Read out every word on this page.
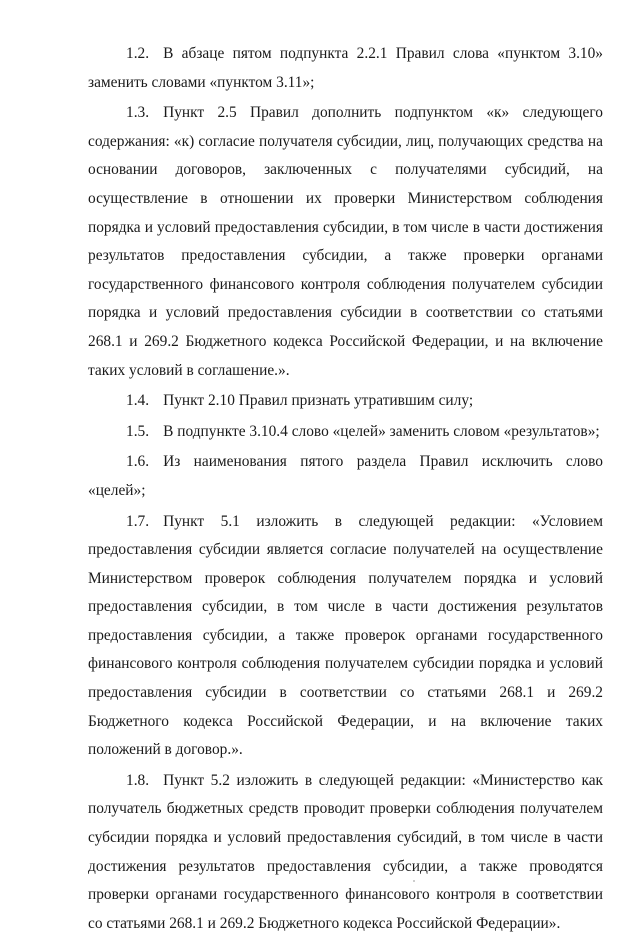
1.2. В абзаце пятом подпункта 2.2.1 Правил слова «пунктом 3.10» заменить словами «пунктом 3.11»;

1.3. Пункт 2.5 Правил дополнить подпунктом «к» следующего содержания: «к) согласие получателя субсидии, лиц, получающих средства на основании договоров, заключенных с получателями субсидий, на осуществление в отношении их проверки Министерством соблюдения порядка и условий предоставления субсидии, в том числе в части достижения результатов предоставления субсидии, а также проверки органами государственного финансового контроля соблюдения получателем субсидии порядка и условий предоставления субсидии в соответствии со статьями 268.1 и 269.2 Бюджетного кодекса Российской Федерации, и на включение таких условий в соглашение.».

1.4. Пункт 2.10 Правил признать утратившим силу;

1.5. В подпункте 3.10.4 слово «целей» заменить словом «результатов»;

1.6. Из наименования пятого раздела Правил исключить слово «целей»;

1.7. Пункт 5.1 изложить в следующей редакции: «Условием предоставления субсидии является согласие получателей на осуществление Министерством проверок соблюдения получателем порядка и условий предоставления субсидии, в том числе в части достижения результатов предоставления субсидии, а также проверок органами государственного финансового контроля соблюдения получателем субсидии порядка и условий предоставления субсидии в соответствии со статьями 268.1 и 269.2 Бюджетного кодекса Российской Федерации, и на включение таких положений в договор.».

1.8. Пункт 5.2 изложить в следующей редакции: «Министерство как получатель бюджетных средств проводит проверки соблюдения получателем субсидии порядка и условий предоставления субсидий, в том числе в части достижения результатов предоставления субсидии, а также проводятся проверки органами государственного финансового контроля в соответствии со статьями 268.1 и 269.2 Бюджетного кодекса Российской Федерации».
